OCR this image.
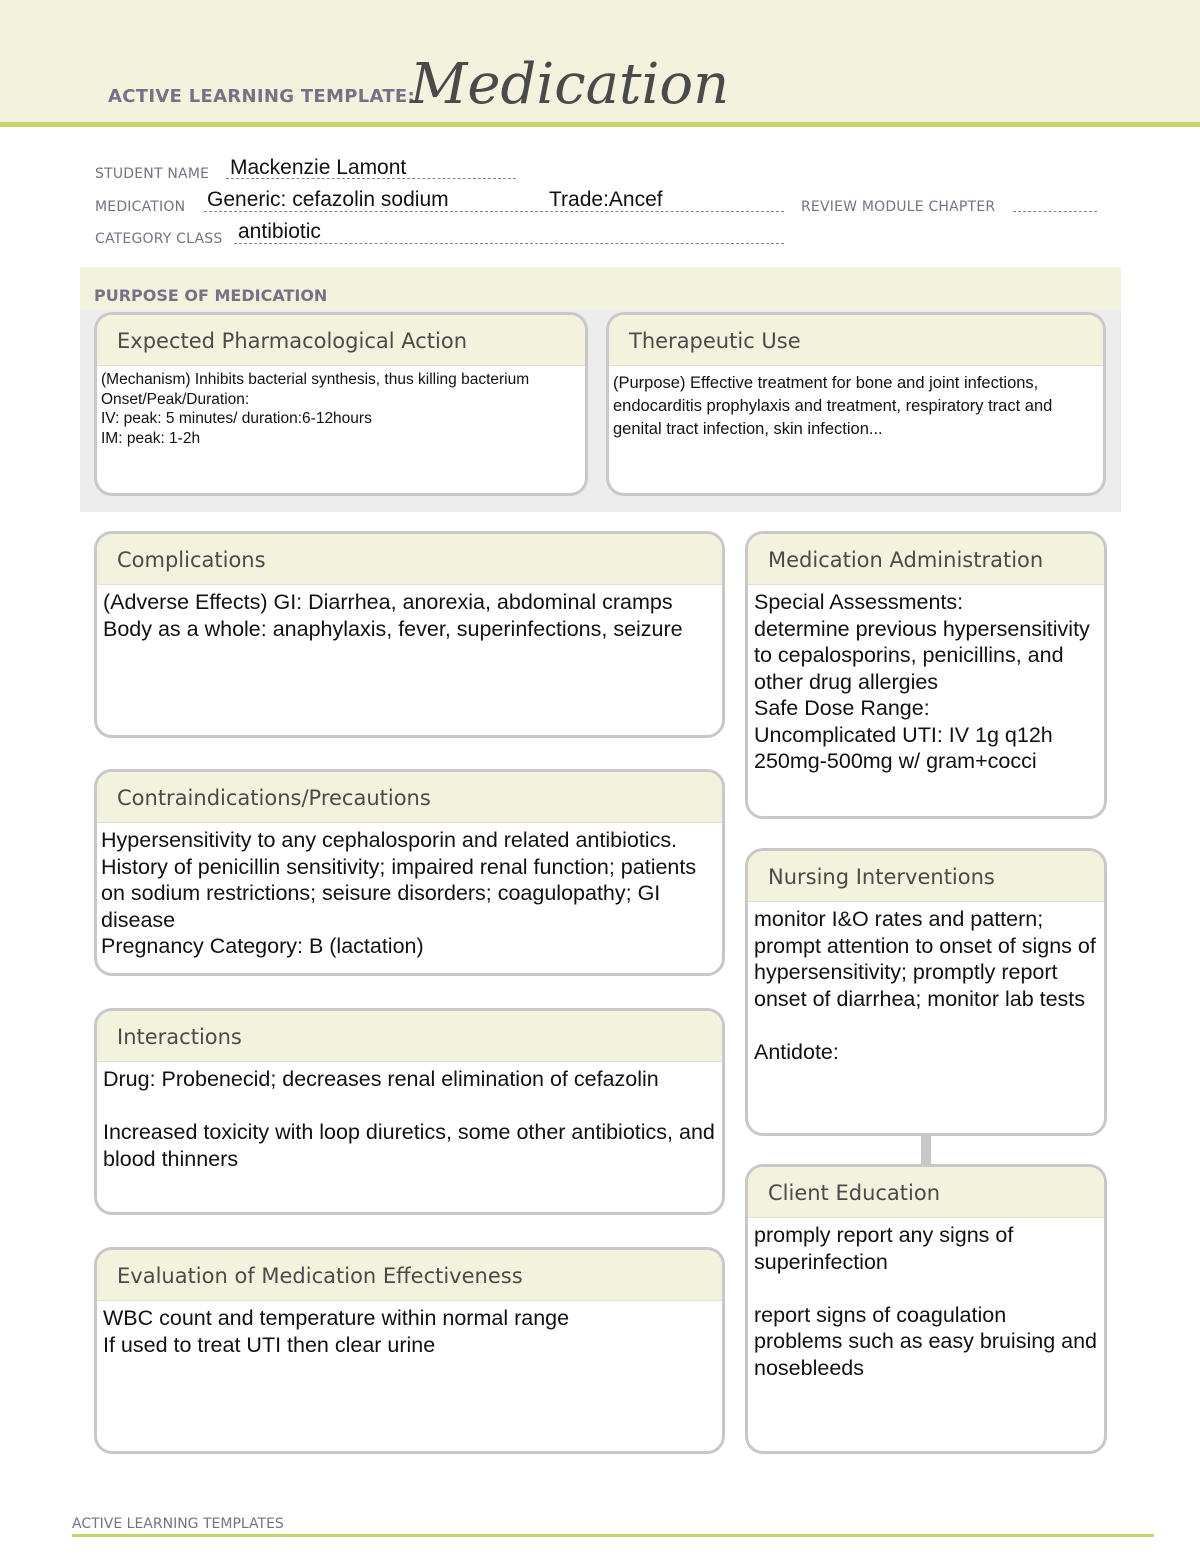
ACTIVE LEARNING TEMPLATE:
Medication
STUDENT NAME Mackenzie Lamont
MEDICATION Generic: cefazolin sodium	Trade:Ancef	REVIEW MODULE CHAPTER
CATEGORY CLASS antibiotic
PURPOSE OF MEDICATION
Expected Pharmacological Action
(Mechanism) Inhibits bacterial synthesis, thus killing bacterium
Onset/Peak/Duration:
IV: peak: 5 minutes/ duration:6-12hours
IM: peak: 1-2h
Therapeutic Use
(Purpose) Effective treatment for bone and joint infections, endocarditis prophylaxis and treatment, respiratory tract and genital tract infection, skin infection...
Complications
(Adverse Effects) GI: Diarrhea, anorexia, abdominal cramps
Body as a whole: anaphylaxis, fever, superinfections, seizure
Contraindications/Precautions
Hypersensitivity to any cephalosporin and related antibiotics. History of penicillin sensitivity; impaired renal function; patients on sodium restrictions; seisure disorders; coagulopathy; GI disease
Pregnancy Category: B (lactation)
Interactions
Drug: Probenecid; decreases renal elimination of cefazolin

Increased toxicity with loop diuretics, some other antibiotics, and blood thinners
Evaluation of Medication Effectiveness
WBC count and temperature within normal range
If used to treat UTI then clear urine
Medication Administration
Special Assessments:
determine previous hypersensitivity to cepalosporins, penicillins, and other drug allergies
Safe Dose Range:
Uncomplicated UTI: IV 1g q12h
250mg-500mg w/ gram+cocci
Nursing Interventions
monitor I&O rates and pattern; prompt attention to onset of signs of hypersensitivity; promptly report onset of diarrhea; monitor lab tests

Antidote:
Client Education
promply report any signs of superinfection

report signs of coagulation problems such as easy bruising and nosebleeds
ACTIVE LEARNING TEMPLATES
